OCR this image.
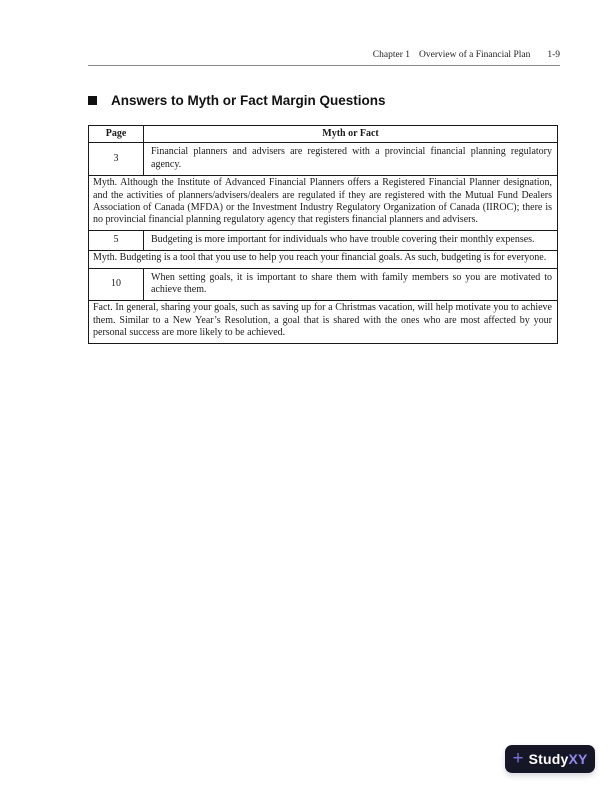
Chapter 1 Overview of a Financial Plan 1-9
Answers to Myth or Fact Margin Questions
Page	Myth or Fact
3	Financial planners and advisers are registered with a provincial financial planning regulatory agency.
Myth. Although the Institute of Advanced Financial Planners offers a Registered Financial Planner designation, and the activities of planners/advisers/dealers are regulated if they are registered with the Mutual Fund Dealers Association of Canada (MFDA) or the Investment Industry Regulatory Organization of Canada (IIROC); there is no provincial financial planning regulatory agency that registers financial planners and advisers.	
5	Budgeting is more important for individuals who have trouble covering their monthly expenses.
Myth. Budgeting is a tool that you use to help you reach your financial goals. As such, budgeting is for everyone.	
10	When setting goals, it is important to share them with family members so you are motivated to achieve them.
Fact. In general, sharing your goals, such as saving up for a Christmas vacation, will help motivate you to achieve them. Similar to a New Year’s Resolution, a goal that is shared with the ones who are most affected by your personal success are more likely to be achieved.	
+ StudyXY
